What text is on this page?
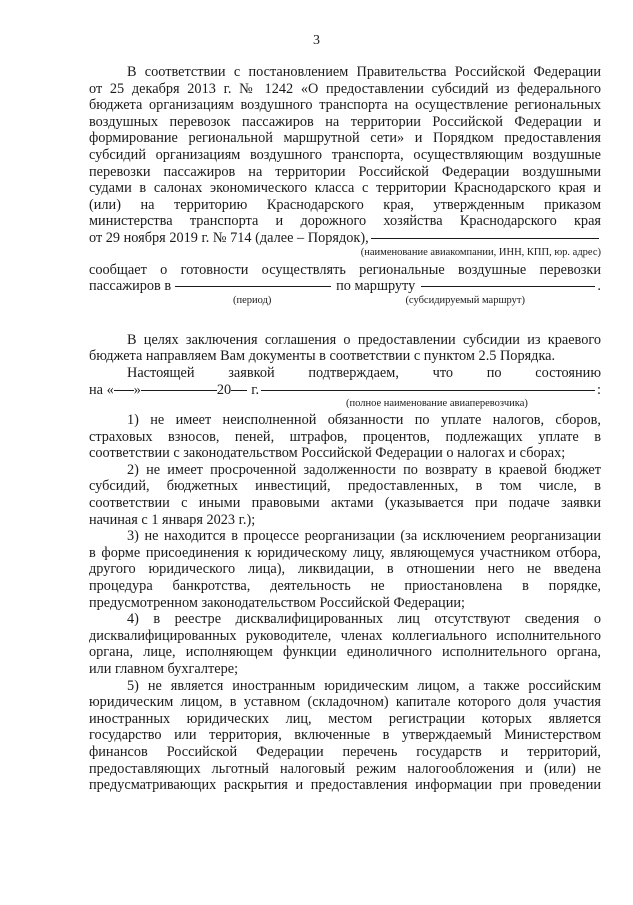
3

В соответствии с постановлением Правительства Российской Федерации

от 25 декабря 2013 г. № 1242 «О предоставлении субсидий из федерального

бюджета организациям воздушного транспорта на осуществление региональных

воздушных перевозок пассажиров на территории Российской Федерации и

формирование региональной маршрутной сети» и Порядком предоставления

субсидий организациям воздушного транспорта, осуществляющим воздушные

перевозки пассажиров на территории Российской Федерации воздушными

судами в салонах экономического класса с территории Краснодарского края и

(или) на территорию Краснодарского края, утвержденным приказом

министерства транспорта и дорожного хозяйства Краснодарского края

от 29 ноября 2019 г. № 714 (далее – Порядок),
(наименование авиакомпании, ИНН, КПП, юр. адрес)

сообщает о готовности осуществлять региональные воздушные перевозки

пассажиров в	по маршруту	.
(период)	(субсидируемый маршрут)

В целях заключения соглашения о предоставлении субсидии из краевого

бюджета направляем Вам документы в соответствии с пунктом 2.5 Порядка.

Настоящей заявкой подтверждаем, что по состоянию

на « »	20 г.	:
(полное наименование авиаперевозчика)

1) не имеет неисполненной обязанности по уплате налогов, сборов,

страховых взносов, пеней, штрафов, процентов, подлежащих уплате в

соответствии с законодательством Российской Федерации о налогах и сборах;

2) не имеет просроченной задолженности по возврату в краевой бюджет

субсидий, бюджетных инвестиций, предоставленных, в том числе, в

соответствии с иными правовыми актами (указывается при подаче заявки

начиная с 1 января 2023 г.);

3) не находится в процессе реорганизации (за исключением реорганизации

в форме присоединения к юридическому лицу, являющемуся участником отбора,

другого юридического лица), ликвидации, в отношении него не введена

процедура банкротства, деятельность не приостановлена в порядке,

предусмотренном законодательством Российской Федерации;

4) в реестре дисквалифицированных лиц отсутствуют сведения о

дисквалифицированных руководителе, членах коллегиального исполнительного

органа, лице, исполняющем функции единоличного исполнительного органа,

или главном бухгалтере;

5) не является иностранным юридическим лицом, а также российским

юридическим лицом, в уставном (складочном) капитале которого доля участия

иностранных юридических лиц, местом регистрации которых является

государство или территория, включенные в утверждаемый Министерством

финансов Российской Федерации перечень государств и территорий,

предоставляющих льготный налоговый режим налогообложения и (или) не

предусматривающих раскрытия и предоставления информации при проведении
